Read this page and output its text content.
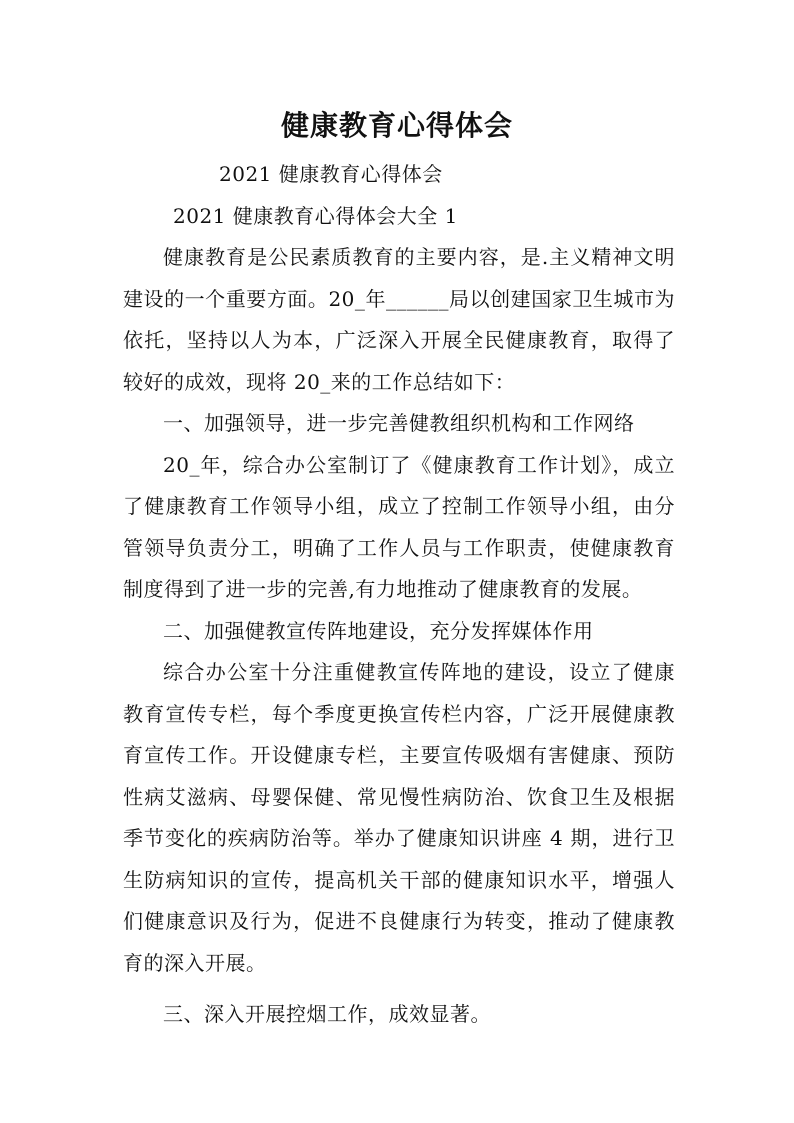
健康教育心得体会

2021 健康教育心得体会

2021 健康教育心得体会大全 1

健康教育是公民素质教育的主要内容，是.主义精神文明建设的一个重要方面。20_年______局以创建国家卫生城市为依托，坚持以人为本，广泛深入开展全民健康教育，取得了较好的成效，现将 20_来的工作总结如下：

一、加强领导，进一步完善健教组织机构和工作网络

20_年，综合办公室制订了《健康教育工作计划》，成立了健康教育工作领导小组，成立了控制工作领导小组，由分管领导负责分工，明确了工作人员与工作职责，使健康教育制度得到了进一步的完善,有力地推动了健康教育的发展。

二、加强健教宣传阵地建设，充分发挥媒体作用

综合办公室十分注重健教宣传阵地的建设，设立了健康教育宣传专栏，每个季度更换宣传栏内容，广泛开展健康教育宣传工作。开设健康专栏，主要宣传吸烟有害健康、预防性病艾滋病、母婴保健、常见慢性病防治、饮食卫生及根据季节变化的疾病防治等。举办了健康知识讲座 4 期，进行卫生防病知识的宣传，提高机关干部的健康知识水平，增强人们健康意识及行为，促进不良健康行为转变，推动了健康教育的深入开展。

三、深入开展控烟工作，成效显著。
